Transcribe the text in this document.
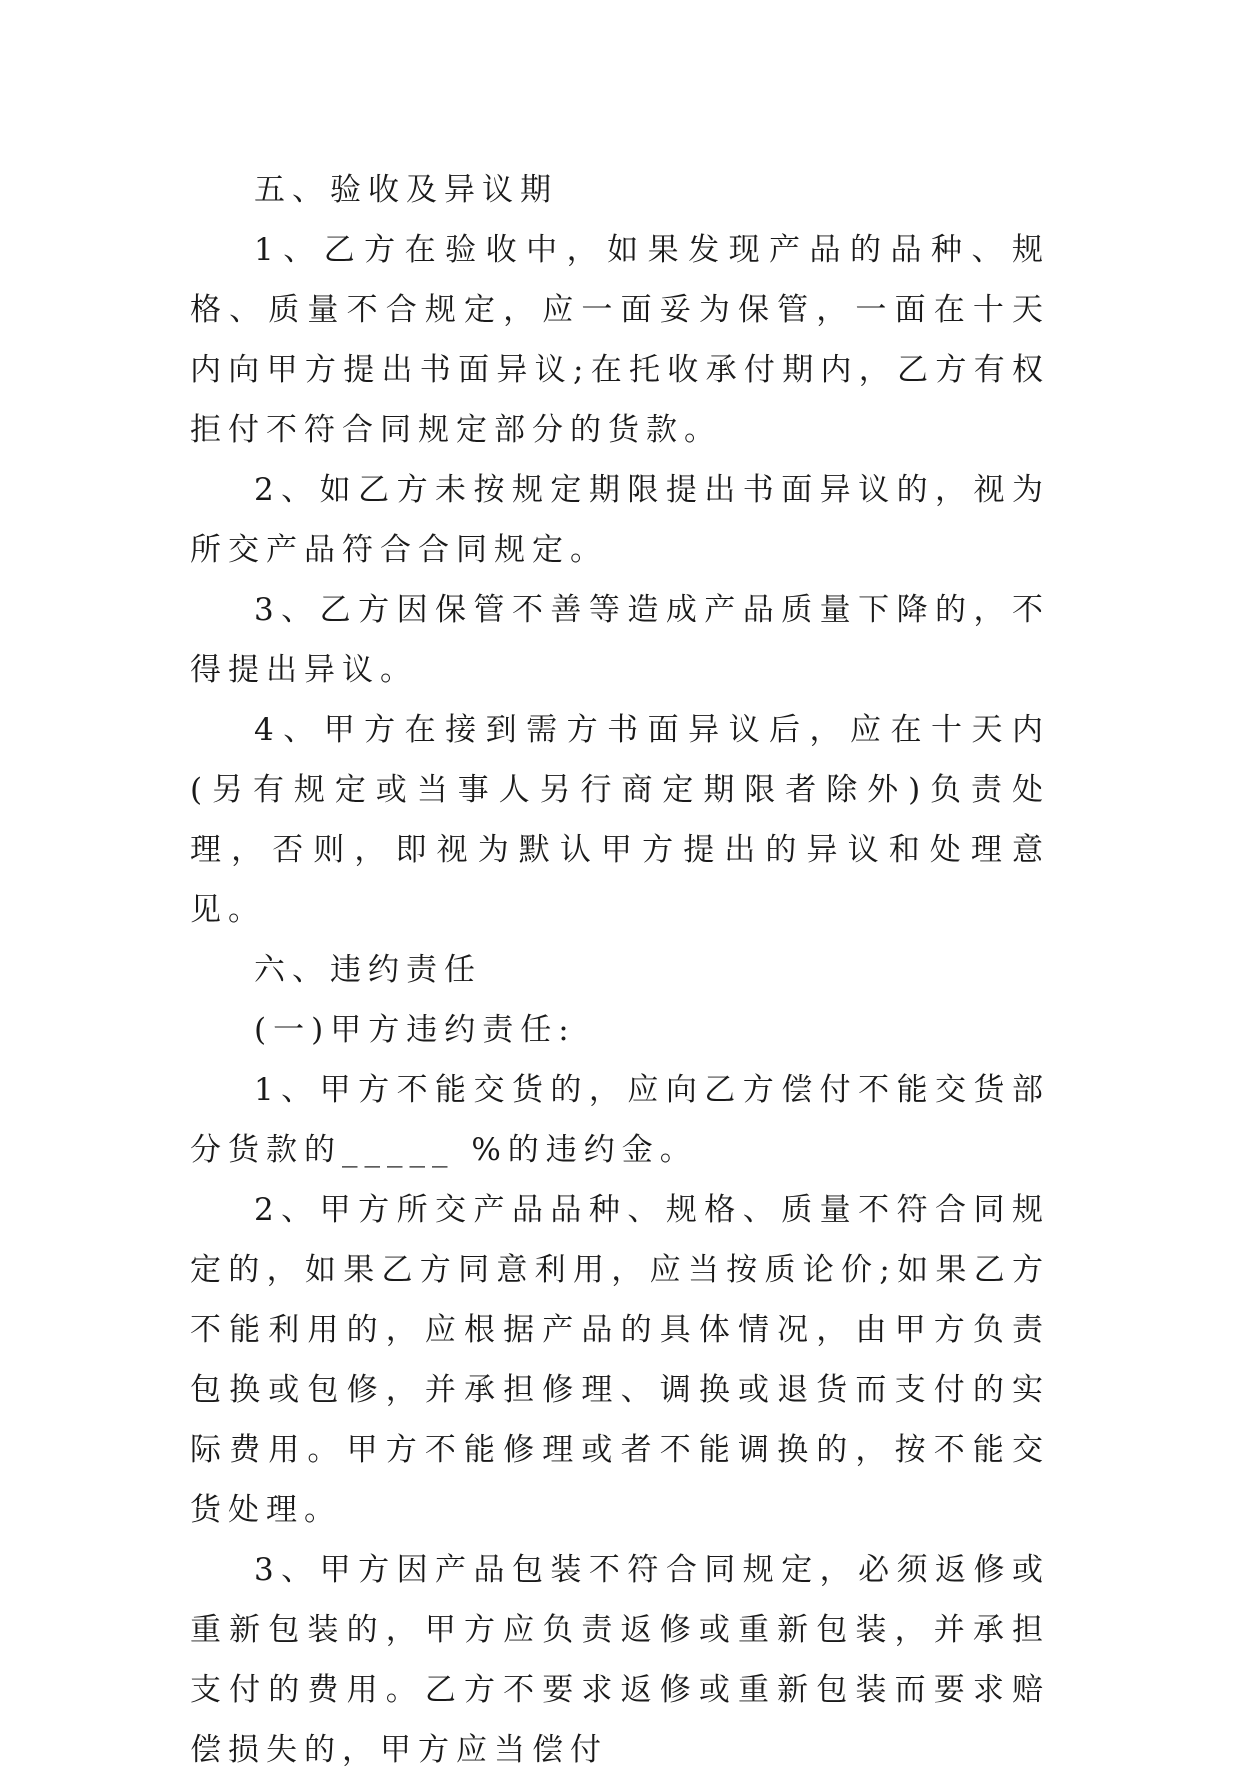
五、验收及异议期

1、乙方在验收中，如果发现产品的品种、规格、质量不合规定，应一面妥为保管，一面在十天内向甲方提出书面异议;在托收承付期内，乙方有权拒付不符合同规定部分的货款。

2、如乙方未按规定期限提出书面异议的，视为所交产品符合合同规定。

3、乙方因保管不善等造成产品质量下降的，不得提出异议。

4、甲方在接到需方书面异议后，应在十天内(另有规定或当事人另行商定期限者除外)负责处理，否则，即视为默认甲方提出的异议和处理意见。

六、违约责任

(一)甲方违约责任:

1、甲方不能交货的，应向乙方偿付不能交货部分货款的_____ %的违约金。

2、甲方所交产品品种、规格、质量不符合同规定的，如果乙方同意利用，应当按质论价;如果乙方不能利用的，应根据产品的具体情况，由甲方负责包换或包修，并承担修理、调换或退货而支付的实际费用。甲方不能修理或者不能调换的，按不能交货处理。

3、甲方因产品包装不符合同规定，必须返修或重新包装的，甲方应负责返修或重新包装，并承担支付的费用。乙方不要求返修或重新包装而要求赔偿损失的，甲方应当偿付
